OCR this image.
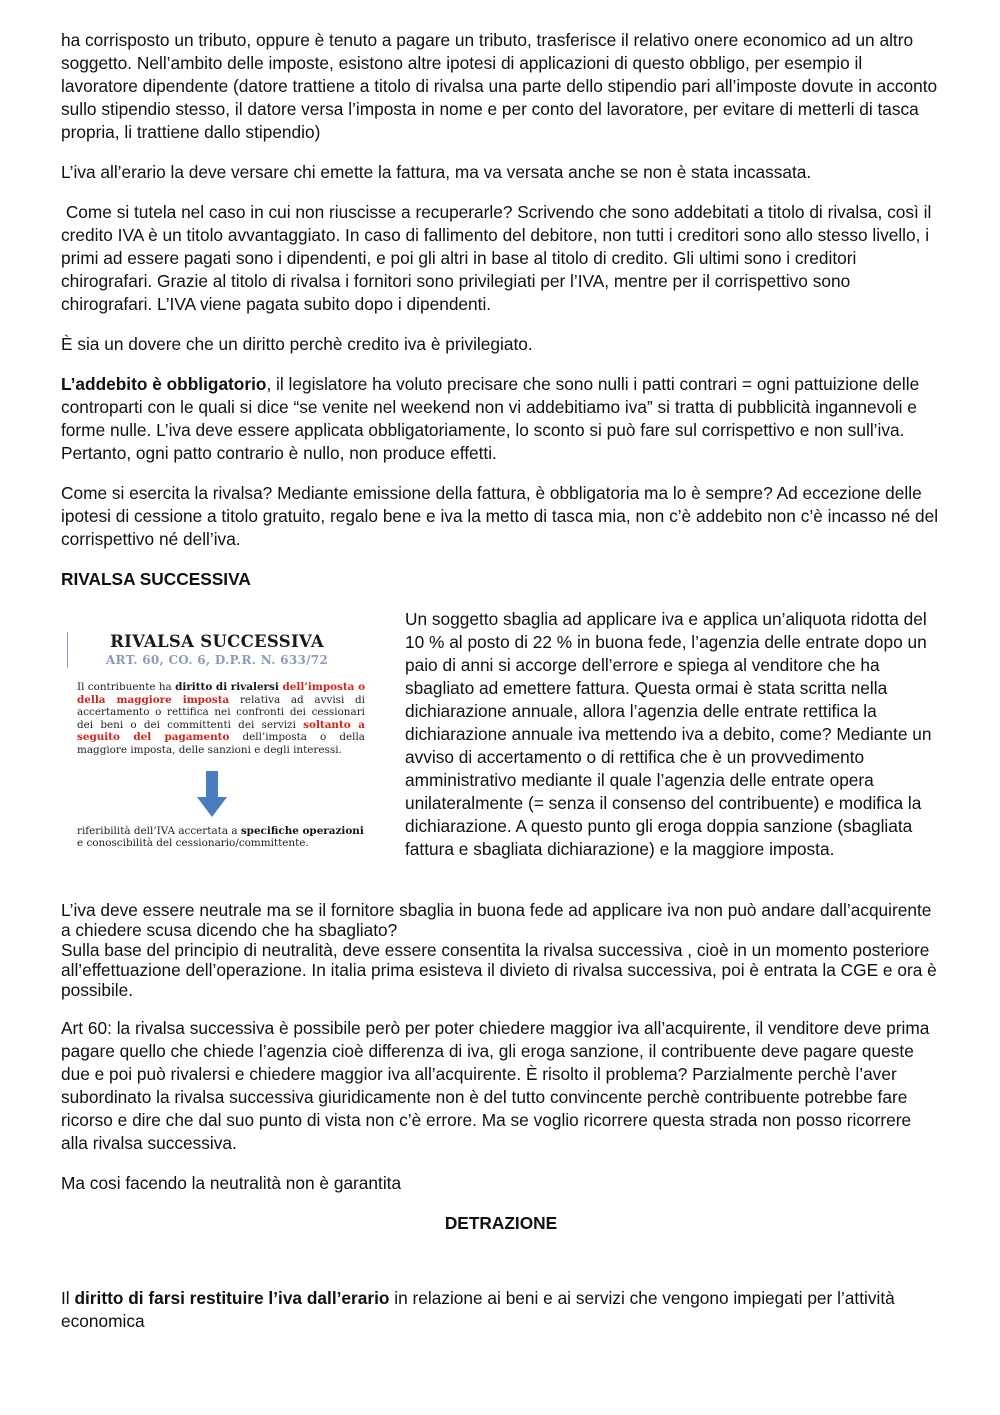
ha corrisposto un tributo, oppure è tenuto a pagare un tributo, trasferisce il relativo onere economico ad un altro soggetto. Nell’ambito delle imposte, esistono altre ipotesi di applicazioni di questo obbligo, per esempio il lavoratore dipendente (datore trattiene a titolo di rivalsa una parte dello stipendio pari all’imposte dovute in acconto sullo stipendio stesso, il datore versa l’imposta in nome e per conto del lavoratore, per evitare di metterli di tasca propria, li trattiene dallo stipendio)

L’iva all’erario la deve versare chi emette la fattura, ma va versata anche se non è stata incassata.

Come si tutela nel caso in cui non riuscisse a recuperarle? Scrivendo che sono addebitati a titolo di rivalsa, così il credito IVA è un titolo avvantaggiato. In caso di fallimento del debitore, non tutti i creditori sono allo stesso livello, i primi ad essere pagati sono i dipendenti, e poi gli altri in base al titolo di credito. Gli ultimi sono i creditori chirografari. Grazie al titolo di rivalsa i fornitori sono privilegiati per l’IVA, mentre per il corrispettivo sono chirografari. L’IVA viene pagata subito dopo i dipendenti.

È sia un dovere che un diritto perchè credito iva è privilegiato.

L’addebito è obbligatorio, il legislatore ha voluto precisare che sono nulli i patti contrari = ogni pattuizione delle controparti con le quali si dice “se venite nel weekend non vi addebitiamo iva” si tratta di pubblicità ingannevoli e forme nulle. L’iva deve essere applicata obbligatoriamente, lo sconto si può fare sul corrispettivo e non sull’iva. Pertanto, ogni patto contrario è nullo, non produce effetti.

Come si esercita la rivalsa? Mediante emissione della fattura, è obbligatoria ma lo è sempre? Ad eccezione delle ipotesi di cessione a titolo gratuito, regalo bene e iva la metto di tasca mia, non c’è addebito non c’è incasso né del corrispettivo né dell’iva.

RIVALSA SUCCESSIVA
RIVALSA SUCCESSIVA
ART. 60, CO. 6, D.P.R. N. 633/72
Il contribuente ha diritto di rivalersi dell’imposta o della maggiore imposta relativa ad avvisi di accertamento o rettifica nei confronti dei cessionari dei beni o dei committenti dei servizi soltanto a seguito del pagamento dell’imposta o della maggiore imposta, delle sanzioni e degli interessi.
riferibilità dell’IVA accertata a specifiche operazioni e conoscibilità del cessionario/committente.
Un soggetto sbaglia ad applicare iva e applica un’aliquota ridotta del 10 % al posto di 22 % in buona fede, l’agenzia delle entrate dopo un paio di anni si accorge dell’errore e spiega al venditore che ha sbagliato ad emettere fattura. Questa ormai è stata scritta nella dichiarazione annuale, allora l’agenzia delle entrate rettifica la dichiarazione annuale iva mettendo iva a debito, come? Mediante un avviso di accertamento o di rettifica che è un provvedimento amministrativo mediante il quale l’agenzia delle entrate opera unilateralmente (= senza il consenso del contribuente) e modifica la dichiarazione. A questo punto gli eroga doppia sanzione (sbagliata fattura e sbagliata dichiarazione) e la maggiore imposta.

L’iva deve essere neutrale ma se il fornitore sbaglia in buona fede ad applicare iva non può andare dall’acquirente a chiedere scusa dicendo che ha sbagliato?

Sulla base del principio di neutralità, deve essere consentita la rivalsa successiva , cioè in un momento posteriore all’effettuazione dell’operazione. In italia prima esisteva il divieto di rivalsa successiva, poi è entrata la CGE e ora è possibile.

Art 60: la rivalsa successiva è possibile però per poter chiedere maggior iva all’acquirente, il venditore deve prima pagare quello che chiede l’agenzia cioè differenza di iva, gli eroga sanzione, il contribuente deve pagare queste due e poi può rivalersi e chiedere maggior iva all’acquirente. È risolto il problema? Parzialmente perchè l’aver subordinato la rivalsa successiva giuridicamente non è del tutto convincente perchè contribuente potrebbe fare ricorso e dire che dal suo punto di vista non c’è errore. Ma se voglio ricorrere questa strada non posso ricorrere alla rivalsa successiva.

Ma cosi facendo la neutralità non è garantita

DETRAZIONE

Il diritto di farsi restituire l’iva dall’erario in relazione ai beni e ai servizi che vengono impiegati per l’attività economica
